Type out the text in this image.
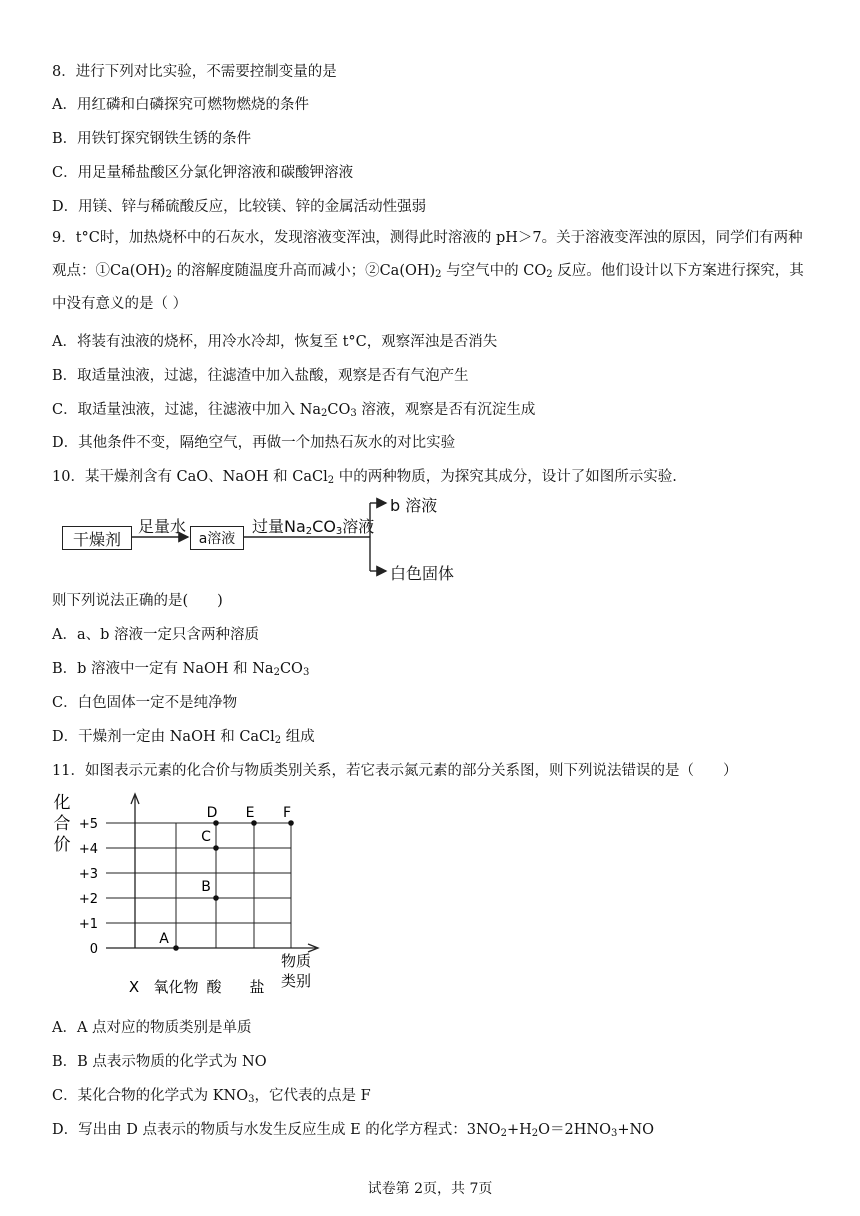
8．进行下列对比实验，不需要控制变量的是
A．用红磷和白磷探究可燃物燃烧的条件
B．用铁钉探究钢铁生锈的条件
C．用足量稀盐酸区分氯化钾溶液和碳酸钾溶液
D．用镁、锌与稀硫酸反应，比较镁、锌的金属活动性强弱
9．t°C时，加热烧杯中的石灰水，发现溶液变浑浊，测得此时溶液的 pH＞7。关于溶液变浑浊的原因，同学们有两种观点：$①Ca(OH)_2$ 的溶解度随温度升高而减小；$②Ca(OH)_2$ 与空气中的 $CO_2$ 反应。他们设计以下方案进行探究，其中没有意义的是（ ）
A．将装有浊液的烧杯，用冷水冷却，恢复至 t°C，观察浑浊是否消失
B．取适量浊液，过滤，往滤渣中加入盐酸，观察是否有气泡产生
C．取适量浊液，过滤，往滤液中加入 $Na_2CO_3$ 溶液，观察是否有沉淀生成
D．其他条件不变，隔绝空气，再做一个加热石灰水的对比实验
10．某干燥剂含有 CaO、NaOH 和 CaCl$_2$ 中的两种物质，为探究其成分，设计了如图所示实验.
干燥剂
足量水
a溶液
过量$Na_2CO_3$溶液
b 溶液
白色固体
则下列说法正确的是(　　)
A．a、b 溶液一定只含两种溶质
B．b 溶液中一定有 NaOH 和 $Na_2CO_3$
C．白色固体一定不是纯净物
D．干燥剂一定由 NaOH 和 CaCl$_2$ 组成
11．如图表示元素的化合价与物质类别关系，若它表示氮元素的部分关系图，则下列说法错误的是（　　）
化
合
价
0
+1
+2
+3
+4
+5
X 氧化物 酸 盐
物质
类别
A
B
C
D E F
A．A 点对应的物质类别是单质
B．B 点表示物质的化学式为 NO
C．某化合物的化学式为 $KNO_3$，它代表的点是 F
D．写出由 D 点表示的物质与水发生反应生成 E 的化学方程式：$3NO_2+H_2O=2HNO_3+NO$
试卷第 2页，共 7页
